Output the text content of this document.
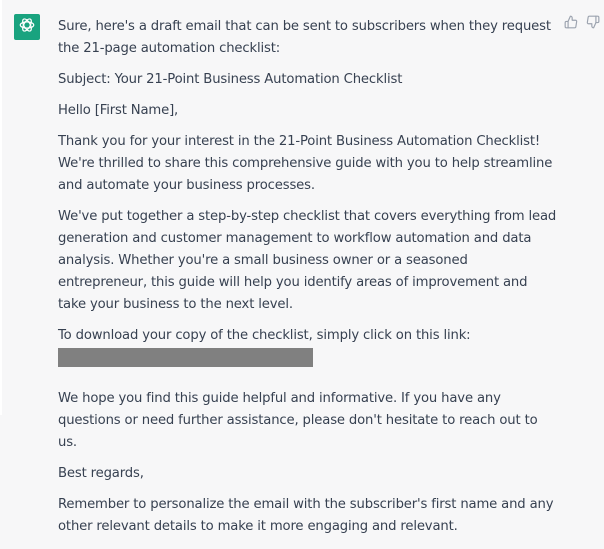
Sure, here's a draft email that can be sent to subscribers when they request the 21-page automation checklist:

Subject: Your 21-Point Business Automation Checklist

Hello [First Name],

Thank you for your interest in the 21-Point Business Automation Checklist! We're thrilled to share this comprehensive guide with you to help streamline and automate your business processes.

We've put together a step-by-step checklist that covers everything from lead generation and customer management to workflow automation and data analysis. Whether you're a small business owner or a seasoned entrepreneur, this guide will help you identify areas of improvement and take your business to the next level.

To download your copy of the checklist, simply click on this link:

We hope you find this guide helpful and informative. If you have any questions or need further assistance, please don't hesitate to reach out to us.

Best regards,

Remember to personalize the email with the subscriber's first name and any other relevant details to make it more engaging and relevant.
